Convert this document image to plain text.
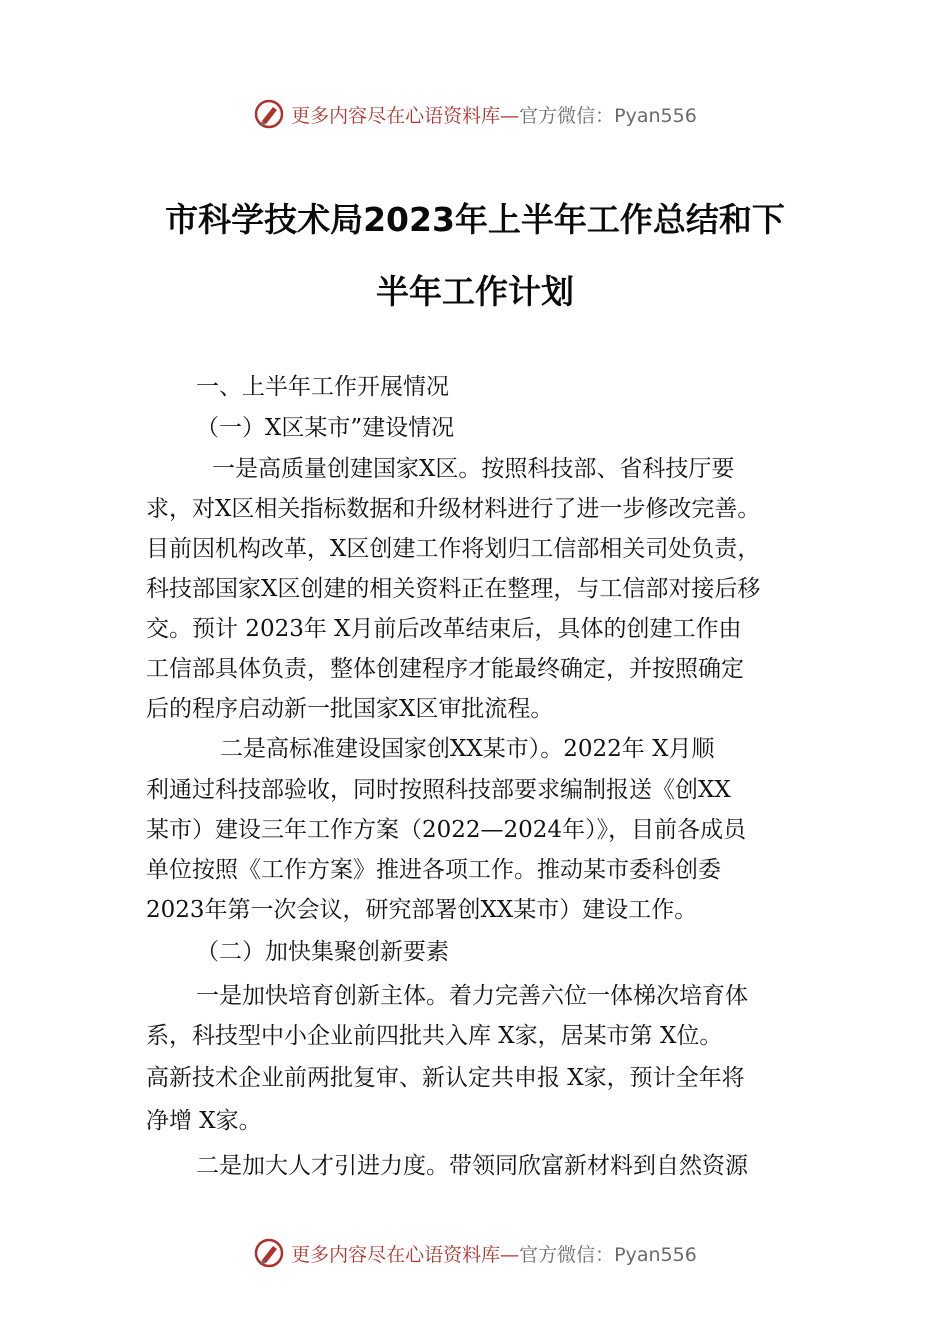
更多内容尽在心语资料库—官方微信：Pyan556
市科学技术局2023年上半年工作总结和下
半年工作计划
一、上半年工作开展情况
（一）X区某市”建设情况
一是高质量创建国家X区。按照科技部、省科技厅要
求，对X区相关指标数据和升级材料进行了进一步修改完善。
目前因机构改革，X区创建工作将划归工信部相关司处负责，
科技部国家X区创建的相关资料正在整理，与工信部对接后移
交。预计 2023年 X月前后改革结束后，具体的创建工作由
工信部具体负责，整体创建程序才能最终确定，并按照确定
后的程序启动新一批国家X区审批流程。
二是高标准建设国家创XX某市）。2022年 X月顺
利通过科技部验收，同时按照科技部要求编制报送《创XX
某市）建设三年工作方案（2022—2024年）》，目前各成员
单位按照《工作方案》推进各项工作。推动某市委科创委
2023年第一次会议，研究部署创XX某市）建设工作。
（二）加快集聚创新要素
一是加快培育创新主体。着力完善六位一体梯次培育体
系，科技型中小企业前四批共入库 X家，居某市第 X位。
高新技术企业前两批复审、新认定共申报 X家，预计全年将
净增 X家。
二是加大人才引进力度。带领同欣富新材料到自然资源
更多内容尽在心语资料库—官方微信：Pyan556
